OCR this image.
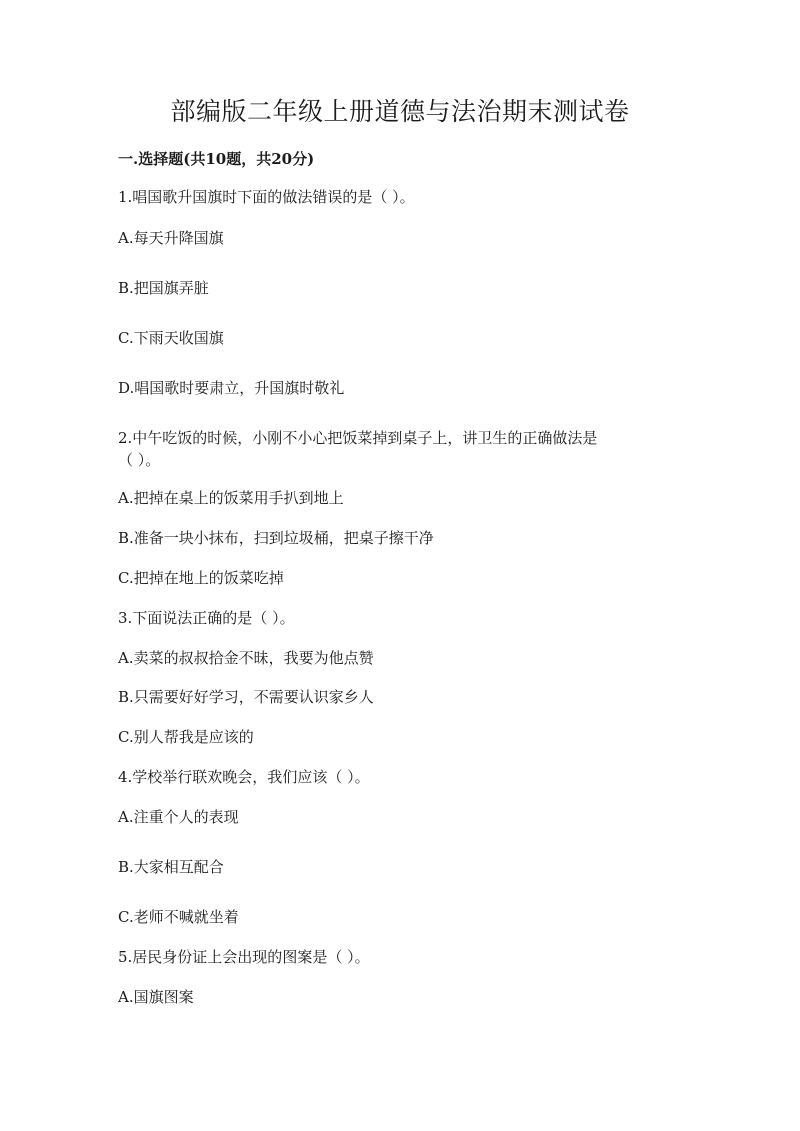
部编版二年级上册道德与法治期末测试卷
一.选择题(共10题，共20分)
1.唱国歌升国旗时下面的做法错误的是（ ）。
A.每天升降国旗
B.把国旗弄脏
C.下雨天收国旗
D.唱国歌时要肃立，升国旗时敬礼
2.中午吃饭的时候，小刚不小心把饭菜掉到桌子上，讲卫生的正确做法是
（ ）。
A.把掉在桌上的饭菜用手扒到地上
B.准备一块小抹布，扫到垃圾桶，把桌子擦干净
C.把掉在地上的饭菜吃掉
3.下面说法正确的是（ ）。
A.卖菜的叔叔拾金不昧，我要为他点赞
B.只需要好好学习，不需要认识家乡人
C.别人帮我是应该的
4.学校举行联欢晚会，我们应该（ ）。
A.注重个人的表现
B.大家相互配合
C.老师不喊就坐着
5.居民身份证上会出现的图案是（ ）。
A.国旗图案
